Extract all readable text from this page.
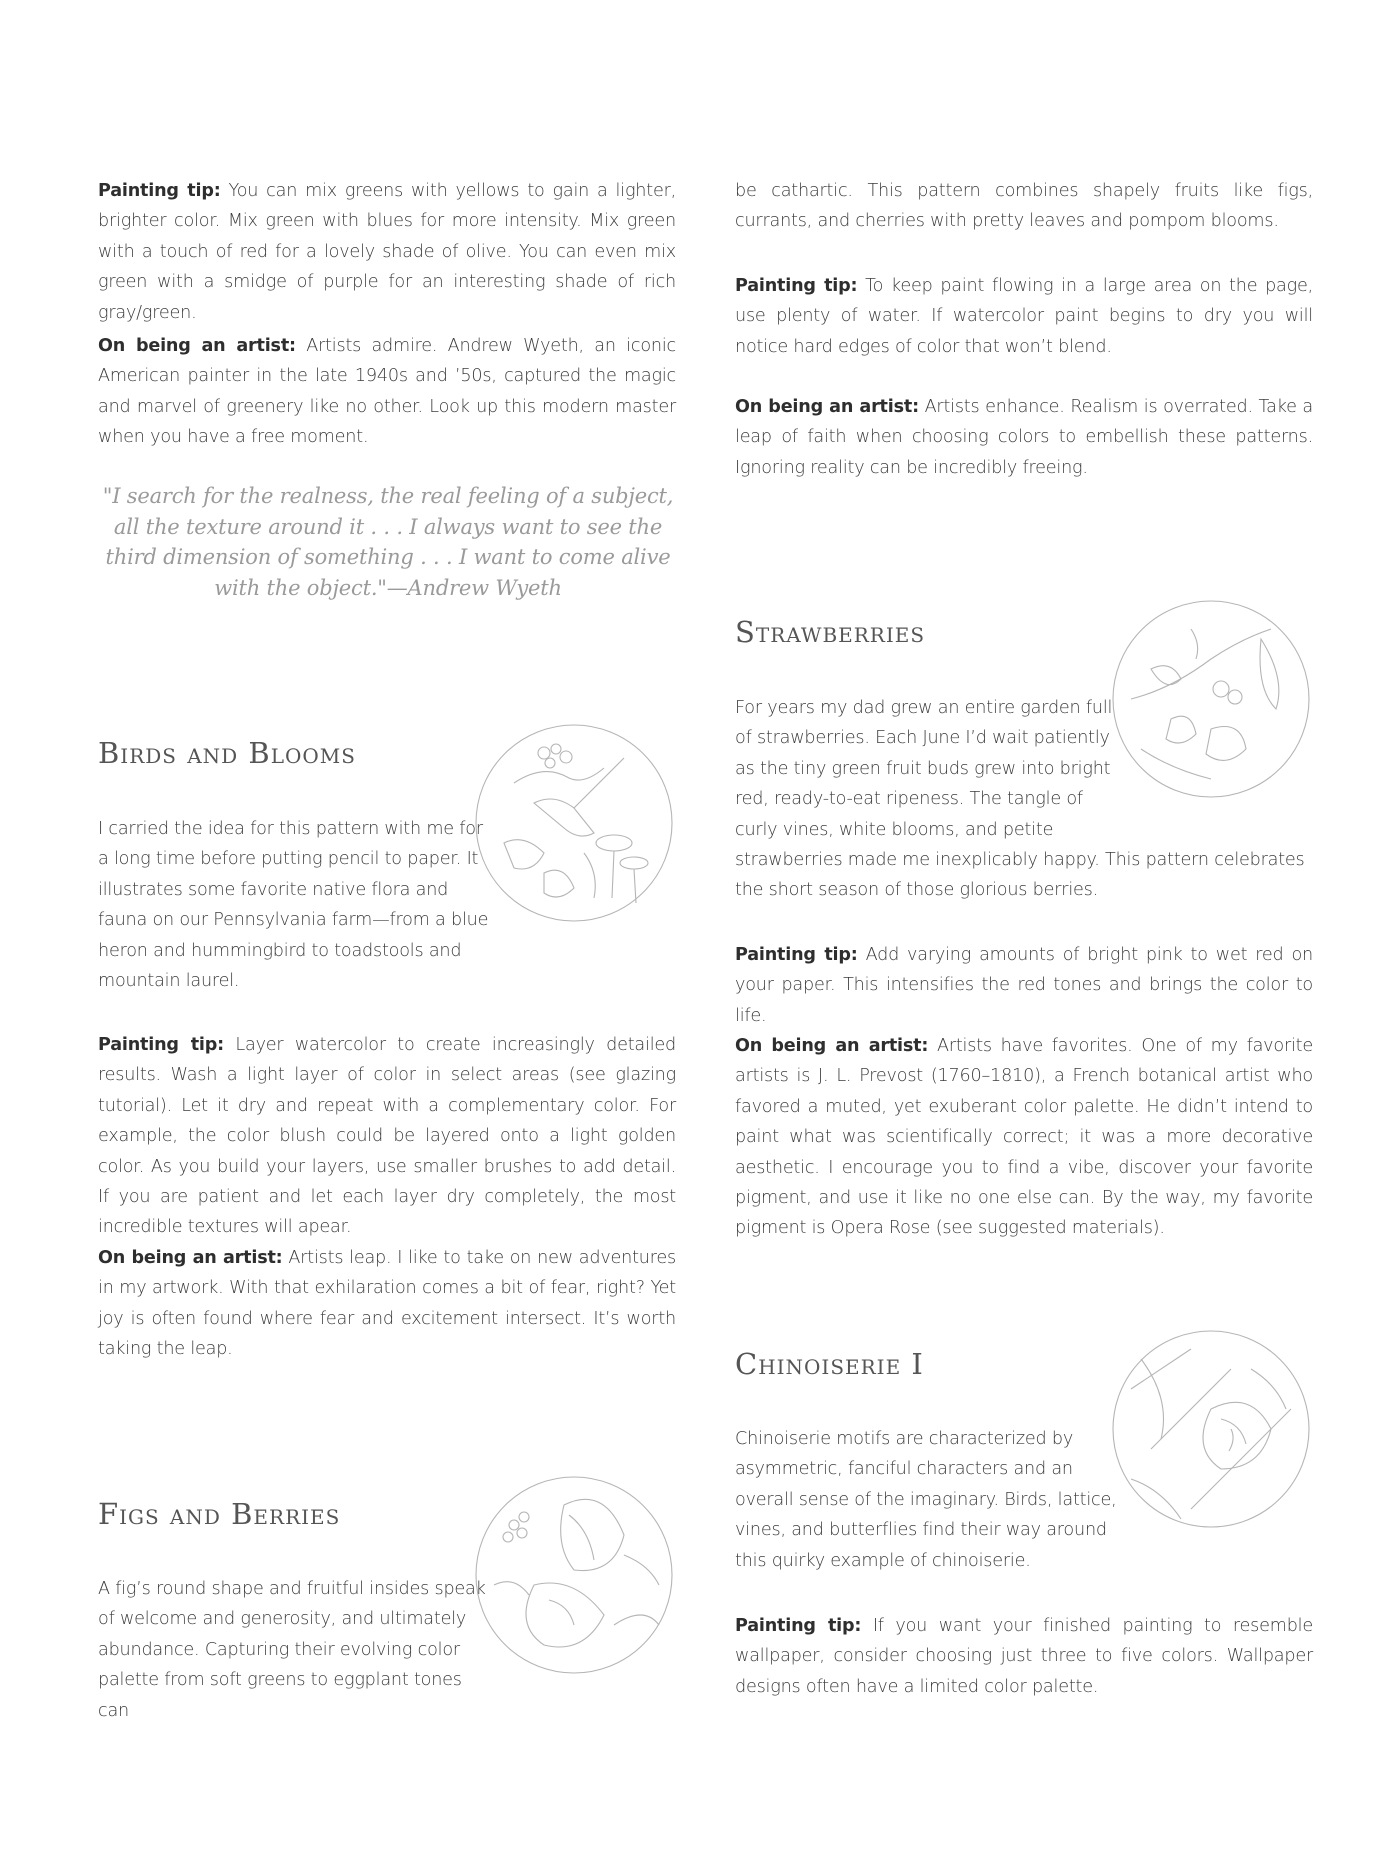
Painting tip: You can mix greens with yellows to gain a lighter, brighter color. Mix green with blues for more intensity. Mix green with a touch of red for a lovely shade of olive. You can even mix green with a smidge of purple for an interesting shade of rich gray/green.

On being an artist: Artists admire. Andrew Wyeth, an iconic American painter in the late 1940s and ’50s, captured the magic and marvel of greenery like no other. Look up this modern master when you have a free moment.

"I search for the realness, the real feeling of a subject, all the texture around it . . . I always want to see the third dimension of something . . . I want to come alive with the object."—Andrew Wyeth

Birds and Blooms

I carried the idea for this pattern with me for a long time before putting pencil to paper. It illustrates some favorite native flora and fauna on our Pennsylvania farm—from a blue heron and hummingbird to toadstools and mountain laurel.

Painting tip: Layer watercolor to create increasingly detailed results. Wash a light layer of color in select areas (see glazing tutorial). Let it dry and repeat with a complementary color. For example, the color blush could be layered onto a light golden color. As you build your layers, use smaller brushes to add detail. If you are patient and let each layer dry completely, the most incredible textures will apear.

On being an artist: Artists leap. I like to take on new adventures in my artwork. With that exhilaration comes a bit of fear, right? Yet joy is often found where fear and excitement intersect. It’s worth taking the leap.

Figs and Berries

A fig’s round shape and fruitful insides speak of welcome and generosity, and ultimately abundance. Capturing their evolving color palette from soft greens to eggplant tones can

be cathartic. This pattern combines shapely fruits like figs, currants, and cherries with pretty leaves and pompom blooms.

Painting tip: To keep paint flowing in a large area on the page, use plenty of water. If watercolor paint begins to dry you will notice hard edges of color that won’t blend.

On being an artist: Artists enhance. Realism is overrated. Take a leap of faith when choosing colors to embellish these patterns. Ignoring reality can be incredibly freeing.

Strawberries

For years my dad grew an entire garden full of strawberries. Each June I’d wait patiently as the tiny green fruit buds grew into bright red, ready-to-eat ripeness. The tangle of curly vines, white blooms, and petite strawberries made me inexplicably happy. This pattern celebrates the short season of those glorious berries.

Painting tip: Add varying amounts of bright pink to wet red on your paper. This intensifies the red tones and brings the color to life.

On being an artist: Artists have favorites. One of my favorite artists is J. L. Prevost (1760–1810), a French botanical artist who favored a muted, yet exuberant color palette. He didn’t intend to paint what was scientifically correct; it was a more decorative aesthetic. I encourage you to find a vibe, discover your favorite pigment, and use it like no one else can. By the way, my favorite pigment is Opera Rose (see suggested materials).

Chinoiserie I

Chinoiserie motifs are characterized by asymmetric, fanciful characters and an overall sense of the imaginary. Birds, lattice, vines, and butterflies find their way around this quirky example of chinoiserie.

Painting tip: If you want your finished painting to resemble wallpaper, consider choosing just three to five colors. Wallpaper designs often have a limited color palette.
